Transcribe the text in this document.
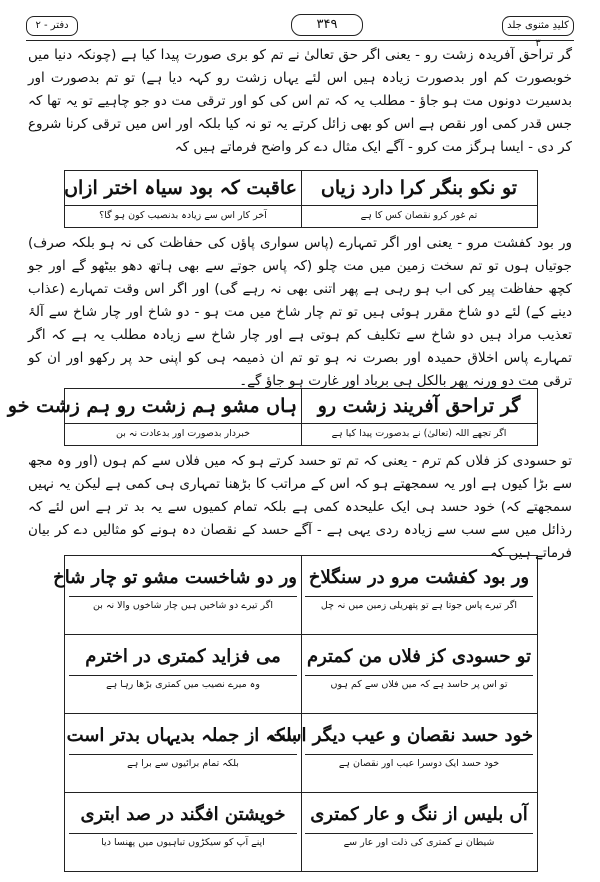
کلیدِ مثنوی جلد ۳
۳۴۹
دفتر - ۲
گر تراحق آفریدہ زشت رو - یعنی اگر حق تعالیٰ نے تم کو بری صورت پیدا کیا ہے (چونکہ دنیا میں خوبصورت کم اور بدصورت زیادہ ہیں اس لئے یہاں زشت رو کہہ دیا ہے) تو تم بدصورت اور بدسیرت دونوں مت ہو جاؤ - مطلب یہ کہ تم اس کی کو اور ترقی مت دو جو چاہیے تو یہ تھا کہ جس قدر کمی اور نقص ہے اس کو بھی زائل کرتے یہ تو نہ کیا بلکہ اور اس میں ترقی کرنا شروع کر دی - ایسا ہرگز مت کرو - آگے ایک مثال دے کر واضح فرماتے ہیں کہ
تو نکو بنگر کرا دارد زیاں
عاقبت کہ بود سیاہ اختر ازاں
تم غور کرو نقصان کس کا ہے
آخر کار اس سے زیادہ بدنصیب کون ہو گا؟
ور بود کفشت مرو - یعنی اور اگر تمہارے (پاس سواری پاؤں کی حفاظت کی نہ ہو بلکہ صرف) جوتیاں ہوں تو تم سخت زمین میں مت چلو (کہ پاس جوتے سے بھی ہاتھ دھو بیٹھو گے اور جو کچھ حفاظت پیر کی اب ہو رہی ہے پھر اتنی بھی نہ رہے گی) اور اگر اس وقت تمہارے (عذاب دینے کے) لئے دو شاخ مقرر ہوئی ہیں تو تم چار شاخ میں مت ہو - دو شاخ اور چار شاخ سے آلۂ تعذیب مراد ہیں دو شاخ سے تکلیف کم ہوتی ہے اور چار شاخ سے زیادہ مطلب یہ ہے کہ اگر تمہارے پاس اخلاق حمیدہ اور بصرت نہ ہو تو تم ان ذمیمہ ہی کو اپنی حد پر رکھو اور ان کو ترقی مت دو ورنہ پھر بالکل ہی برباد اور غارت ہو جاؤ گے۔
گر تراحق آفریند زشت رو
ہاں مشو ہم زشت رو ہم زشت خو
اگر تجھے اللہ (تعالیٰ) نے بدصورت پیدا کیا ہے
خبردار بدصورت اور بدعادت نہ بن
تو حسودی کز فلاں کم ترم - یعنی کہ تم تو حسد کرتے ہو کہ میں فلاں سے کم ہوں (اور وہ مجھ سے بڑا کیوں ہے اور یہ سمجھتے ہو کہ اس کے مراتب کا بڑھنا تمہاری ہی کمی ہے لیکن یہ نہیں سمجھتے کہ) خود حسد ہی ایک علیحدہ کمی ہے بلکہ تمام کمیوں سے یہ بد تر ہے اس لئے کہ رذائل میں سے سب سے زیادہ ردی یہی ہے - آگے حسد کے نقصان دہ ہونے کو مثالیں دے کر بیان فرماتے ہیں کہ
ور بود کفشت مرو در سنگلاخ
اگر تیرے پاس جوتا ہے تو پتھریلی زمین میں نہ چل
ور دو شاخست مشو تو چار شاخ
اگر تیرے دو شاخیں ہیں چار شاخوں والا نہ بن
تو حسودی کز فلاں من کمترم
تو اس پر حاسد ہے کہ میں فلاں سے کم ہوں
می فزاید کمتری در اخترم
وہ میرے نصیب میں کمتری بڑھا رہا ہے
خود حسد نقصان و عیب دیگر است
خود حسد ایک دوسرا عیب اور نقصان ہے
بلکہ از جملہ بدیہاں بدتر است
بلکہ تمام برائیوں سے برا ہے
آں بلیس از ننگ و عار کمتری
شیطان نے کمتری کی ذلت اور عار سے
خویشتن افگند در صد ابتری
اپنے آپ کو سیکڑوں تباہیوں میں پھنسا دیا
